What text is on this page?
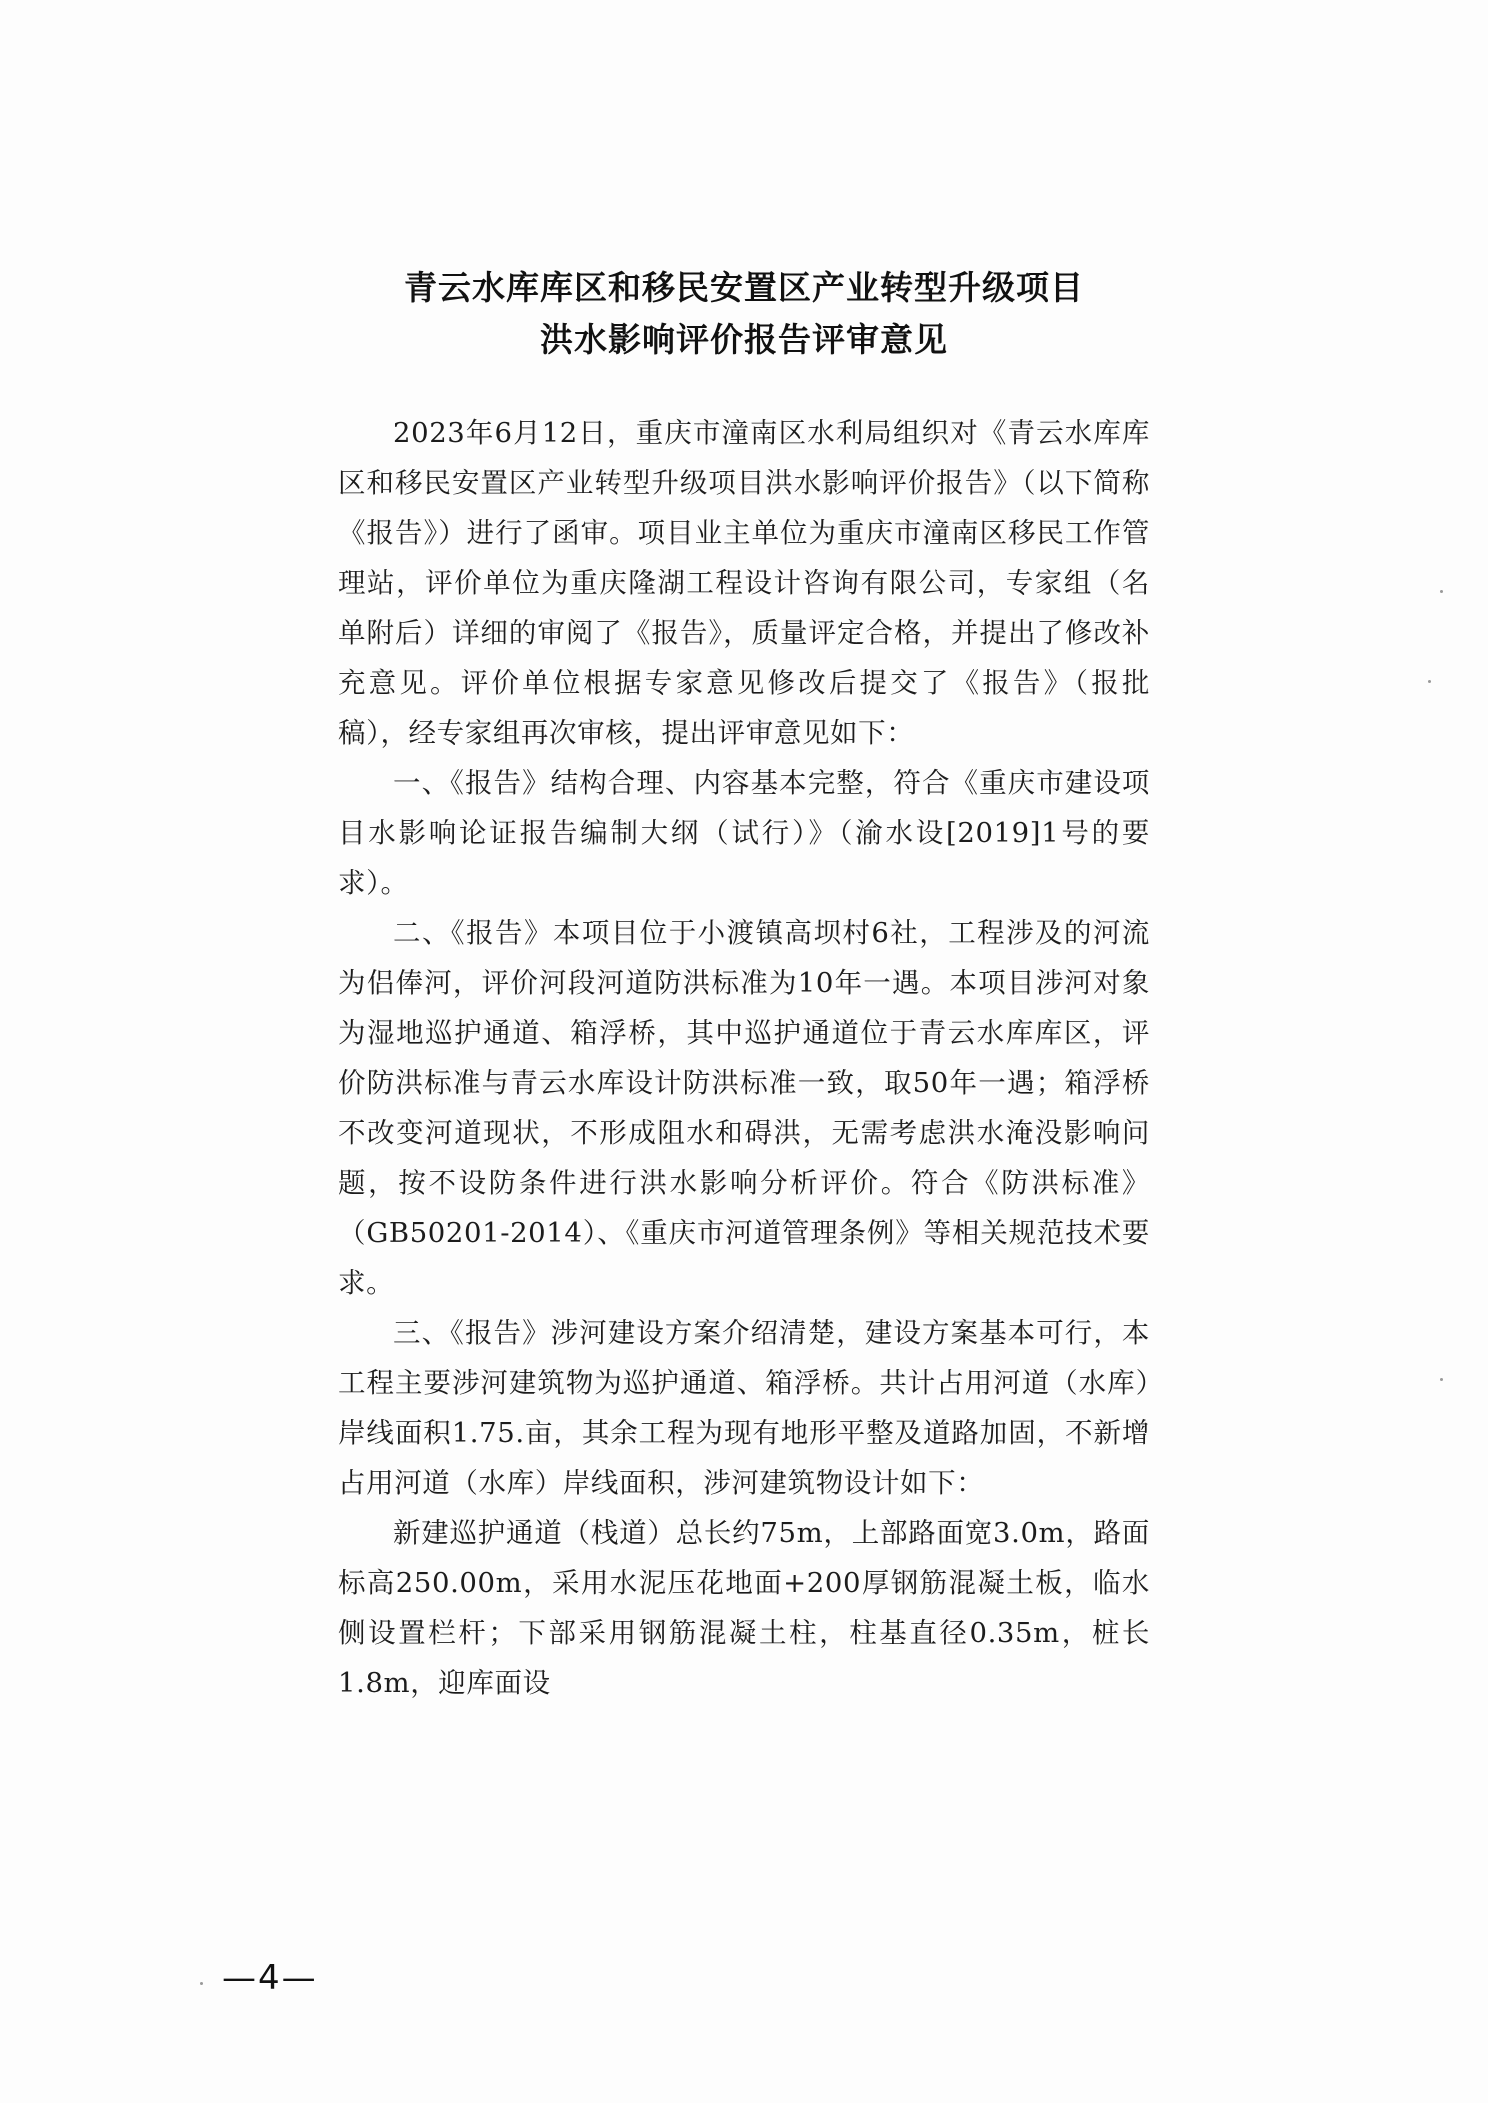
青云水库库区和移民安置区产业转型升级项目
洪水影响评价报告评审意见

2023年6月12日，重庆市潼南区水利局组织对《青云水库库区和移民安置区产业转型升级项目洪水影响评价报告》（以下简称《报告》）进行了函审。项目业主单位为重庆市潼南区移民工作管理站，评价单位为重庆隆湖工程设计咨询有限公司，专家组（名单附后）详细的审阅了《报告》，质量评定合格，并提出了修改补充意见。评价单位根据专家意见修改后提交了《报告》（报批稿），经专家组再次审核，提出评审意见如下：

一、《报告》结构合理、内容基本完整，符合《重庆市建设项目水影响论证报告编制大纲（试行）》（渝水设[2019]1号的要求）。

二、《报告》本项目位于小渡镇高坝村6社，工程涉及的河流为侣俸河，评价河段河道防洪标准为10年一遇。本项目涉河对象为湿地巡护通道、箱浮桥，其中巡护通道位于青云水库库区，评价防洪标准与青云水库设计防洪标准一致，取50年一遇；箱浮桥不改变河道现状，不形成阻水和碍洪，无需考虑洪水淹没影响问题，按不设防条件进行洪水影响分析评价。符合《防洪标准》（GB50201-2014）、《重庆市河道管理条例》等相关规范技术要求。

三、《报告》涉河建设方案介绍清楚，建设方案基本可行，本工程主要涉河建筑物为巡护通道、箱浮桥。共计占用河道（水库）岸线面积1.75.亩，其余工程为现有地形平整及道路加固，不新增占用河道（水库）岸线面积，涉河建筑物设计如下：

新建巡护通道（栈道）总长约75m，上部路面宽3.0m，路面标高250.00m，采用水泥压花地面+200厚钢筋混凝土板，临水侧设置栏杆；下部采用钢筋混凝土柱，柱基直径0.35m，桩长1.8m，迎库面设

—4—
